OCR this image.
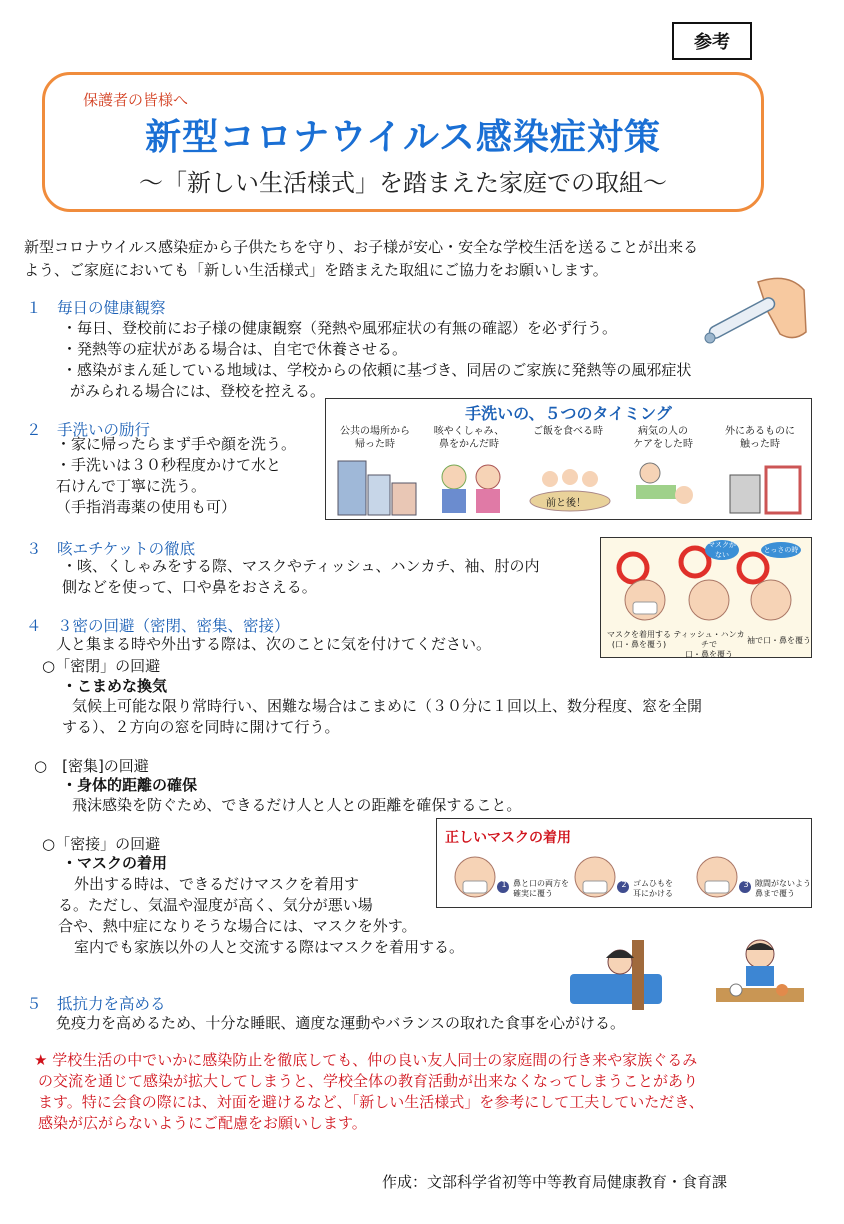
参考
保護者の皆様へ
新型コロナウイルス感染症対策
～「新しい生活様式」を踏まえた家庭での取組～
新型コロナウイルス感染症から子供たちを守り、お子様が安心・安全な学校生活を送ることが出来る
よう、ご家庭においても「新しい生活様式」を踏まえた取組にご協力をお願いします。
１　毎日の健康観察
・毎日、登校前にお子様の健康観察（発熱や風邪症状の有無の確認）を必ず行う。
・発熱等の症状がある場合は、自宅で休養させる。
・感染がまん延している地域は、学校からの依頼に基づき、同居のご家族に発熱等の風邪症状
がみられる場合には、登校を控える。
２　手洗いの励行
・家に帰ったらまず手や顔を洗う。
・手洗いは３０秒程度かけて水と
石けんで丁寧に洗う。
（手指消毒薬の使用も可）
手洗いの、５つのタイミング
公共の場所から
帰った時
咳やくしゃみ、
鼻をかんだ時
ご飯を食べる時	病気の人の
ケアをした時
外にあるものに
触った時
前と後！
３　咳エチケットの徹底
・咳、くしゃみをする際、マスクやティッシュ、ハンカチ、袖、肘の内
側などを使って、口や鼻をおさえる。
マスクがない
とっさの時
マスクを着用する
(口・鼻を覆う)
ティッシュ・ハンカチで
口・鼻を覆う
袖で口・鼻を覆う
４　３密の回避（密閉、密集、密接）
人と集まる時や外出する際は、次のことに気を付けてください。
○「密閉」の回避
・こまめな換気
気候上可能な限り常時行い、困難な場合はこまめに（３０分に１回以上、数分程度、窓を全開
する）、２方向の窓を同時に開けて行う。
○　[密集]の回避
・身体的距離の確保
飛沫感染を防ぐため、できるだけ人と人との距離を確保すること。
○「密接」の回避
・マスクの着用
外出する時は、できるだけマスクを着用す
る。ただし、気温や湿度が高く、気分が悪い場
合や、熱中症になりそうな場合には、マスクを外す。
室内でも家族以外の人と交流する際はマスクを着用する。
正しいマスクの着用
1	2	3
鼻と口の両方を
確実に覆う
ゴムひもを
耳にかける
隙間がないよう
鼻まで覆う
５　抵抗力を高める
免疫力を高めるため、十分な睡眠、適度な運動やバランスの取れた食事を心がける。
★ 学校生活の中でいかに感染防止を徹底しても、仲の良い友人同士の家庭間の行き来や家族ぐるみ
の交流を通じて感染が拡大してしまうと、学校全体の教育活動が出来なくなってしまうことがあり
ます。特に会食の際には、対面を避けるなど、「新しい生活様式」を参考にして工夫していただき、
感染が広がらないようにご配慮をお願いします。
作成：文部科学省初等中等教育局健康教育・食育課
